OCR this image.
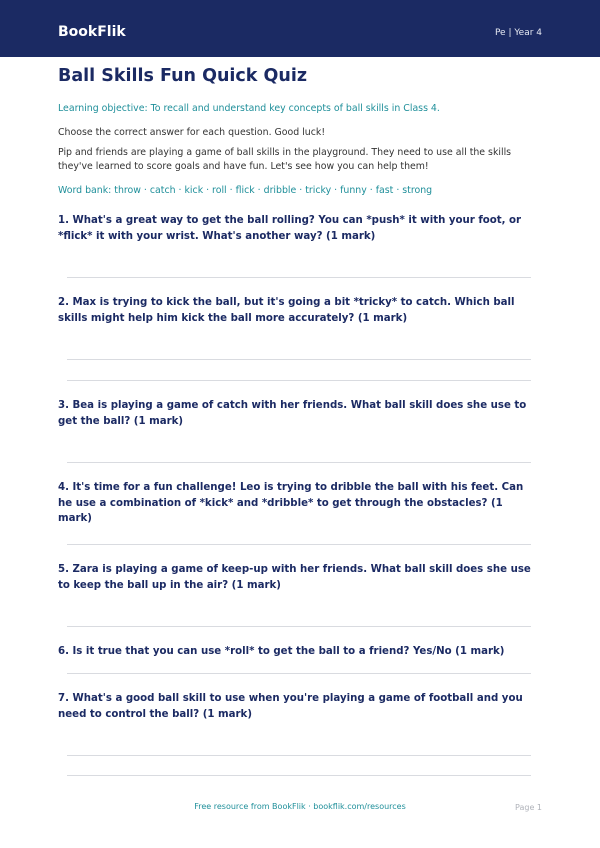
BookFlik	Pe | Year 4
Ball Skills Fun Quick Quiz
Learning objective: To recall and understand key concepts of ball skills in Class 4.
Choose the correct answer for each question. Good luck!
Pip and friends are playing a game of ball skills in the playground. They need to use all the skills they've learned to score goals and have fun. Let's see how you can help them!
Word bank: throw · catch · kick · roll · flick · dribble · tricky · funny · fast · strong
1. What's a great way to get the ball rolling? You can *push* it with your foot, or *flick* it with your wrist. What's another way? (1 mark)
2. Max is trying to kick the ball, but it's going a bit *tricky* to catch. Which ball skills might help him kick the ball more accurately? (1 mark)
3. Bea is playing a game of catch with her friends. What ball skill does she use to get the ball? (1 mark)
4. It's time for a fun challenge! Leo is trying to dribble the ball with his feet. Can he use a combination of *kick* and *dribble* to get through the obstacles? (1 mark)
5. Zara is playing a game of keep-up with her friends. What ball skill does she use to keep the ball up in the air? (1 mark)
6. Is it true that you can use *roll* to get the ball to a friend? Yes/No (1 mark)
7. What's a good ball skill to use when you're playing a game of football and you need to control the ball? (1 mark)
Free resource from BookFlik · bookflik.com/resources	Page 1
